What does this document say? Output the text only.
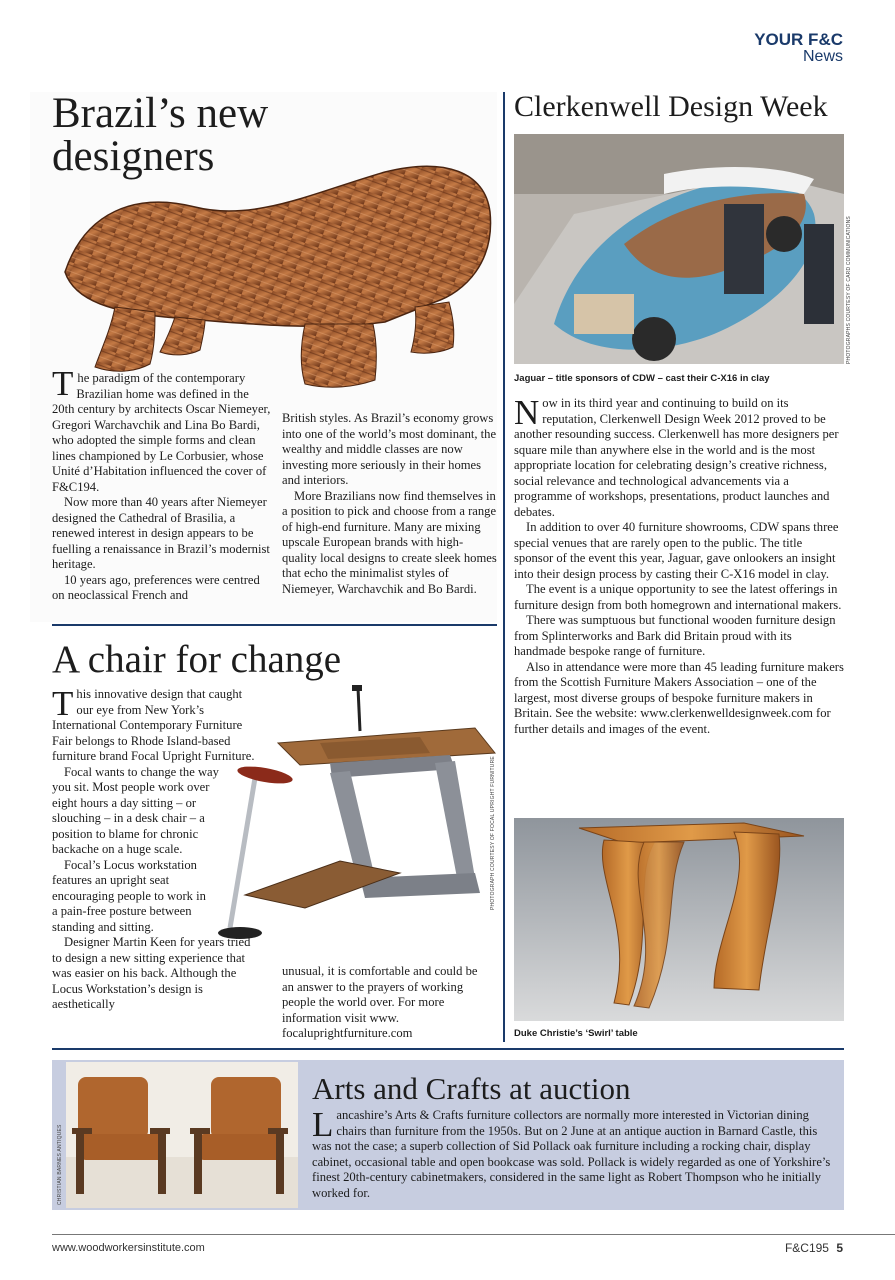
YOUR F&C
News
Brazil’s new
designers

The paradigm of the contemporary Brazilian home was defined in the 20th century by architects Oscar Niemeyer, Gregori Warchavchik and Lina Bo Bardi, who adopted the simple forms and clean lines championed by Le Corbusier, whose Unité d’Habitation influenced the cover of F&C194.

Now more than 40 years after Niemeyer designed the Cathedral of Brasilia, a renewed interest in design appears to be fuelling a renaissance in Brazil’s modernist heritage.

10 years ago, preferences were centred on neoclassical French and

British styles. As Brazil’s economy grows into one of the world’s most dominant, the wealthy and middle classes are now investing more seriously in their homes and interiors.

More Brazilians now find themselves in a position to pick and choose from a range of high-end furniture. Many are mixing upscale European brands with high-quality local designs to create sleek homes that echo the minimalist styles of Niemeyer, Warchavchik and Bo Bardi.

A chair for change
PHOTOGRAPH COURTESY OF FOCAL UPRIGHT FURNITURE

This innovative design that caught our eye from New York’s International Contemporary Furniture Fair belongs to Rhode Island-based furniture brand Focal Upright Furniture.

Focal wants to change the way you sit. Most people work over eight hours a day sitting – or slouching – in a desk chair – a position to blame for chronic backache on a huge scale.

Focal’s Locus workstation features an upright seat encouraging people to work in a pain-free posture between standing and sitting.

Designer Martin Keen for years tried to design a new sitting experience that was easier on his back. Although the Locus Workstation’s design is aesthetically

unusual, it is comfortable and could be an answer to the prayers of working people the world over. For more information visit www. focaluprightfurniture.com

Clerkenwell Design Week
PHOTOGRAPHS COURTESY OF CARD COMMUNICATIONS
Jaguar – title sponsors of CDW – cast their C-X16 in clay

Now in its third year and continuing to build on its reputation, Clerkenwell Design Week 2012 proved to be another resounding success. Clerkenwell has more designers per square mile than anywhere else in the world and is the most appropriate location for celebrating design’s creative richness, social relevance and technological advancements via a programme of workshops, presentations, product launches and debates.

In addition to over 40 furniture showrooms, CDW spans three special venues that are rarely open to the public. The title sponsor of the event this year, Jaguar, gave onlookers an insight into their design process by casting their C-X16 model in clay.

The event is a unique opportunity to see the latest offerings in furniture design from both homegrown and international makers.

There was sumptuous but functional wooden furniture design from Splinterworks and Bark did Britain proud with its handmade bespoke range of furniture.

Also in attendance were more than 45 leading furniture makers from the Scottish Furniture Makers Association – one of the largest, most diverse groups of bespoke furniture makers in Britain. See the website: www.clerkenwelldesignweek.com for further details and images of the event.

Duke Christie’s ‘Swirl’ table
CHRISTIAN BARNES ANTIQUES
Arts and Crafts at auction

Lancashire’s Arts & Crafts furniture collectors are normally more interested in Victorian dining chairs than furniture from the 1950s. But on 2 June at an antique auction in Barnard Castle, this was not the case; a superb collection of Sid Pollack oak furniture including a rocking chair, display cabinet, occasional table and open bookcase was sold. Pollack is widely regarded as one of Yorkshire’s finest 20th-century cabinetmakers, considered in the same light as Robert Thompson who he initially worked for.

www.woodworkersinstitute.com	F&C195 5
